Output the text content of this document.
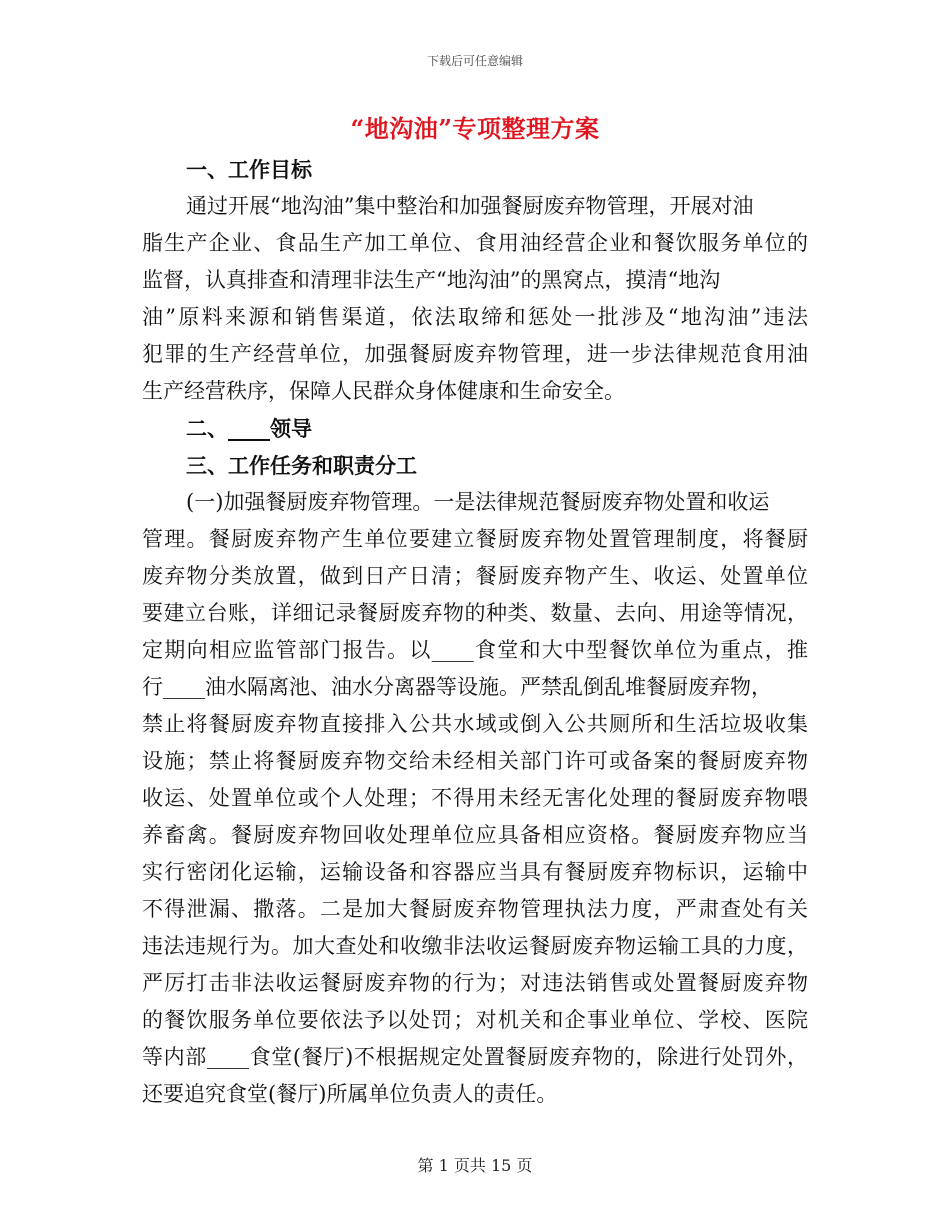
下载后可任意编辑
“地沟油”专项整理方案
一、工作目标
通过开展“地沟油”集中整治和加强餐厨废弃物管理，开展对油
脂生产企业、食品生产加工单位、食用油经营企业和餐饮服务单位的
监督，认真排查和清理非法生产“地沟油”的黑窝点，摸清“地沟
油”原料来源和销售渠道，依法取缔和惩处一批涉及“地沟油”违法
犯罪的生产经营单位，加强餐厨废弃物管理，进一步法律规范食用油
生产经营秩序，保障人民群众身体健康和生命安全。
二、____领导
三、工作任务和职责分工
(一)加强餐厨废弃物管理。一是法律规范餐厨废弃物处置和收运
管理。餐厨废弃物产生单位要建立餐厨废弃物处置管理制度，将餐厨
废弃物分类放置，做到日产日清；餐厨废弃物产生、收运、处置单位
要建立台账，详细记录餐厨废弃物的种类、数量、去向、用途等情况，
定期向相应监管部门报告。以____食堂和大中型餐饮单位为重点，推
行____油水隔离池、油水分离器等设施。严禁乱倒乱堆餐厨废弃物，
禁止将餐厨废弃物直接排入公共水域或倒入公共厕所和生活垃圾收集
设施；禁止将餐厨废弃物交给未经相关部门许可或备案的餐厨废弃物
收运、处置单位或个人处理；不得用未经无害化处理的餐厨废弃物喂
养畜禽。餐厨废弃物回收处理单位应具备相应资格。餐厨废弃物应当
实行密闭化运输，运输设备和容器应当具有餐厨废弃物标识，运输中
不得泄漏、撒落。二是加大餐厨废弃物管理执法力度，严肃查处有关
违法违规行为。加大查处和收缴非法收运餐厨废弃物运输工具的力度，
严厉打击非法收运餐厨废弃物的行为；对违法销售或处置餐厨废弃物
的餐饮服务单位要依法予以处罚；对机关和企事业单位、学校、医院
等内部____食堂(餐厅)不根据规定处置餐厨废弃物的，除进行处罚外，
还要追究食堂(餐厅)所属单位负责人的责任。
第 1 页共 15 页
